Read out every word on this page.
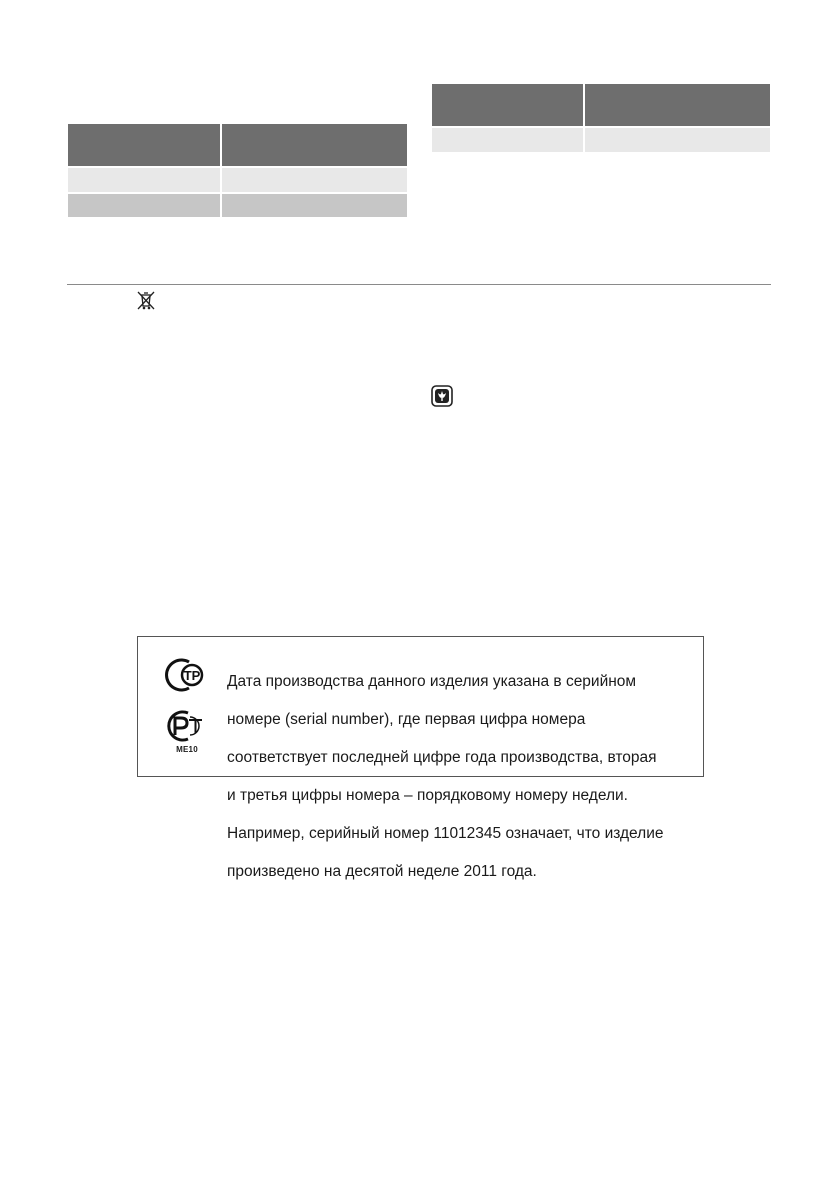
ТР
ME10

Дата производства данного изделия указана в серийном

номере (serial number), где первая цифра номера

соответствует последней цифре года производства, вторая

и третья цифры номера – порядковому номеру недели.

Например, серийный номер 11012345 означает, что изделие

произведено на десятой неделе 2011 года.
